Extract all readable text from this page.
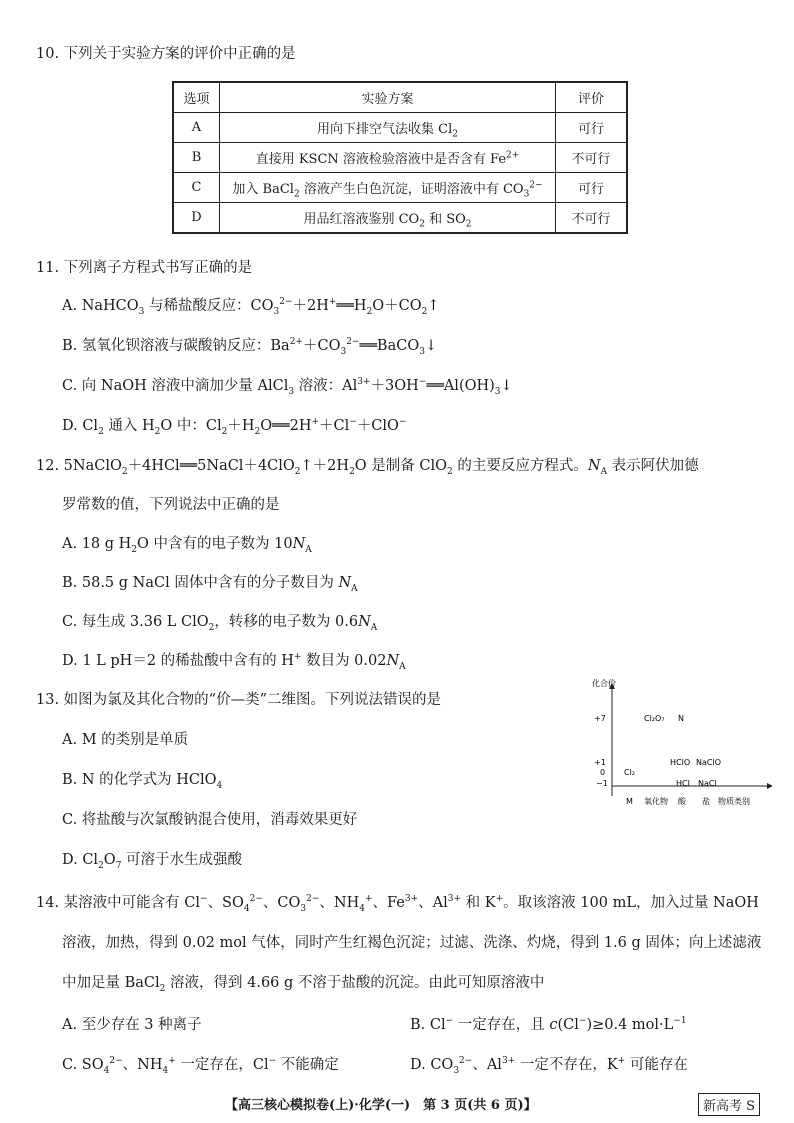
10. 下列关于实验方案的评价中正确的是
选项	实验方案	评价
A	用向下排空气法收集 $Cl_2$	可行
B	直接用 KSCN 溶液检验溶液中是否含有 $Fe^{2+}$	不可行
C	加入 BaCl$_2$ 溶液产生白色沉淀，证明溶液中有 $CO_3^{2-}$	可行
D	用品红溶液鉴别 $CO_2$ 和 $SO_2$	不可行
11. 下列离子方程式书写正确的是
A. NaHCO$_3$ 与稀盐酸反应：$CO_3^{2-}+2H^+══H_2O+CO_2↑$
B. 氢氧化钡溶液与碳酸钠反应：$Ba^{2+}+CO_3^{2-}══BaCO_3↓$
C. 向 NaOH 溶液中滴加少量 AlCl$_3$ 溶液：$Al^{3+}+3OH^-══Al(OH)_3↓$
D. $Cl_2$ 通入 $H_2O$ 中：$Cl_2+H_2O══2H^++Cl^-+ClO^-$
12. $5NaClO_2+4HCl══5NaCl+4ClO_2↑+2H_2O$ 是制备 ClO$_2$ 的主要反应方程式。$N_A$ 表示阿伏加德
罗常数的值，下列说法中正确的是
A. 18 g $H_2O$ 中含有的电子数为 $10N_A$
B. 58.5 g NaCl 固体中含有的分子数目为 $N_A$
C. 每生成 3.36 L ClO$_2$，转移的电子数为 $0.6N_A$
D. 1 L pH＝2 的稀盐酸中含有的 H+ 数目为 $0.02N_A$
13. 如图为氯及其化合物的“价—类”二维图。下列说法错误的是
A. M 的类别是单质
B. N 的化学式为 HClO$_4$
C. 将盐酸与次氯酸钠混合使用，消毒效果更好
D. $Cl_2O_7$ 可溶于水生成强酸
化合价
+7
+1
0
−1
M 氧化物 酸 盐 物质类别
Cl₂O₇ N
HClO NaClO
Cl₂
HCl NaCl
14. 某溶液中可能含有 Cl−、$SO_4^{2-}$、$CO_3^{2-}$、$NH_4^+$、$Fe^{3+}$、$Al^{3+}$ 和 K+。取该溶液 100 mL，加入过量 NaOH
溶液，加热，得到 0.02 mol 气体，同时产生红褐色沉淀；过滤、洗涤、灼烧，得到 1.6 g 固体；向上述滤液
中加足量 BaCl$_2$ 溶液，得到 4.66 g 不溶于盐酸的沉淀。由此可知原溶液中
A. 至少存在 3 种离子	B. Cl− 一定存在，且 c(Cl−)≥0.4 $mol\cdot L^{-1}$
C. $SO_4^{2-}$、$NH_4^+$ 一定存在，Cl− 不能确定	D. $CO_3^{2-}$、$Al^{3+}$ 一定不存在，K+ 可能存在
【高三核心模拟卷(上)·化学(一)　第 3 页(共 6 页)】	新高考 S
